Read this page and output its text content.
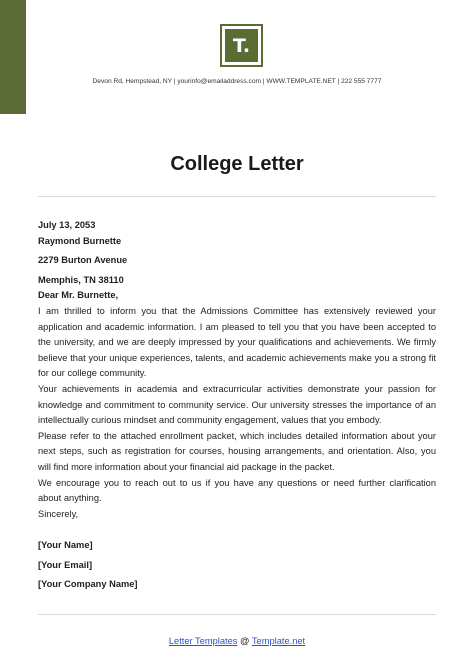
T.
Devon Rd, Hempstead, NY | yourinfo@emailaddress.com | WWW.TEMPLATE.NET | 222 555 7777
College Letter
July 13, 2053
Raymond Burnette
2279 Burton Avenue
Memphis, TN 38110
Dear Mr. Burnette,
I am thrilled to inform you that the Admissions Committee has extensively reviewed your application and academic information. I am pleased to tell you that you have been accepted to the university, and we are deeply impressed by your qualifications and achievements. We firmly believe that your unique experiences, talents, and academic achievements make you a strong fit for our college community.
Your achievements in academia and extracurricular activities demonstrate your passion for knowledge and commitment to community service. Our university stresses the importance of an intellectually curious mindset and community engagement, values that you embody.
Please refer to the attached enrollment packet, which includes detailed information about your next steps, such as registration for courses, housing arrangements, and orientation. Also, you will find more information about your financial aid package in the packet.
We encourage you to reach out to us if you have any questions or need further clarification about anything.
Sincerely,
[Your Name]
[Your Email]
[Your Company Name]
Letter Templates @ Template.net
